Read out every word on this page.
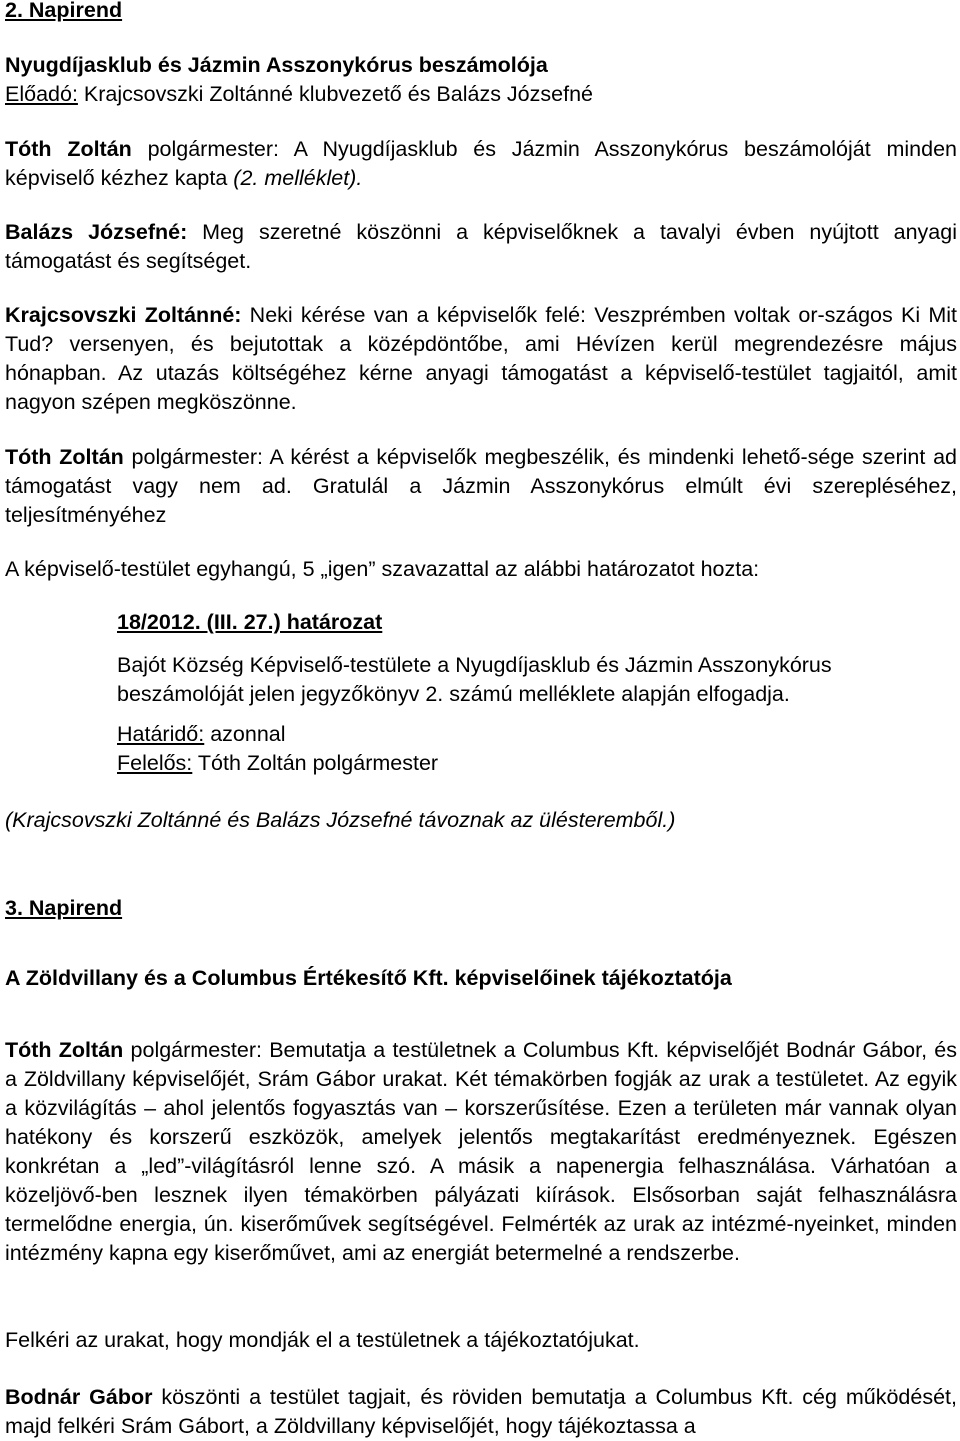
2. Napirend

Nyugdíjasklub és Jázmin Asszonykórus beszámolója

Előadó: Krajcsovszki Zoltánné klubvezető és Balázs Józsefné

Tóth Zoltán polgármester: A Nyugdíjasklub és Jázmin Asszonykórus beszámolóját minden képviselő kézhez kapta (2. melléklet).

Balázs Józsefné: Meg szeretné köszönni a képviselőknek a tavalyi évben nyújtott anyagi támogatást és segítséget.

Krajcsovszki Zoltánné: Neki kérése van a képviselők felé: Veszprémben voltak or-szágos Ki Mit Tud? versenyen, és bejutottak a középdöntőbe, ami Hévízen kerül megrendezésre május hónapban. Az utazás költségéhez kérne anyagi támogatást a képviselő-testület tagjaitól, amit nagyon szépen megköszönne.

Tóth Zoltán polgármester: A kérést a képviselők megbeszélik, és mindenki lehető-sége szerint ad támogatást vagy nem ad. Gratulál a Jázmin Asszonykórus elmúlt évi szerepléséhez, teljesítményéhez

A képviselő-testület egyhangú, 5 „igen” szavazattal az alábbi határozatot hozta:

18/2012. (III. 27.) határozat

Bajót Község Képviselő-testülete a Nyugdíjasklub és Jázmin Asszonykórus beszámolóját jelen jegyzőkönyv 2. számú melléklete alapján elfogadja.

Határidő: azonnal

Felelős: Tóth Zoltán polgármester

(Krajcsovszki Zoltánné és Balázs Józsefné távoznak az ülésteremből.)

3. Napirend

A Zöldvillany és a Columbus Értékesítő Kft. képviselőinek tájékoztatója

Tóth Zoltán polgármester: Bemutatja a testületnek a Columbus Kft. képviselőjét Bodnár Gábor, és a Zöldvillany képviselőjét, Srám Gábor urakat. Két témakörben fogják az urak a testületet. Az egyik a közvilágítás – ahol jelentős fogyasztás van – korszerűsítése. Ezen a területen már vannak olyan hatékony és korszerű eszközök, amelyek jelentős megtakarítást eredményeznek. Egészen konkrétan a „led”-világításról lenne szó. A másik a napenergia felhasználása. Várhatóan a közeljövő-ben lesznek ilyen témakörben pályázati kiírások. Elsősorban saját felhasználásra termelődne energia, ún. kiserőművek segítségével. Felmérték az urak az intézmé-nyeinket, minden intézmény kapna egy kiserőművet, ami az energiát betermelné a rendszerbe.

Felkéri az urakat, hogy mondják el a testületnek a tájékoztatójukat.

Bodnár Gábor köszönti a testület tagjait, és röviden bemutatja a Columbus Kft. cég működését, majd felkéri Srám Gábort, a Zöldvillany képviselőjét, hogy tájékoztassa a
